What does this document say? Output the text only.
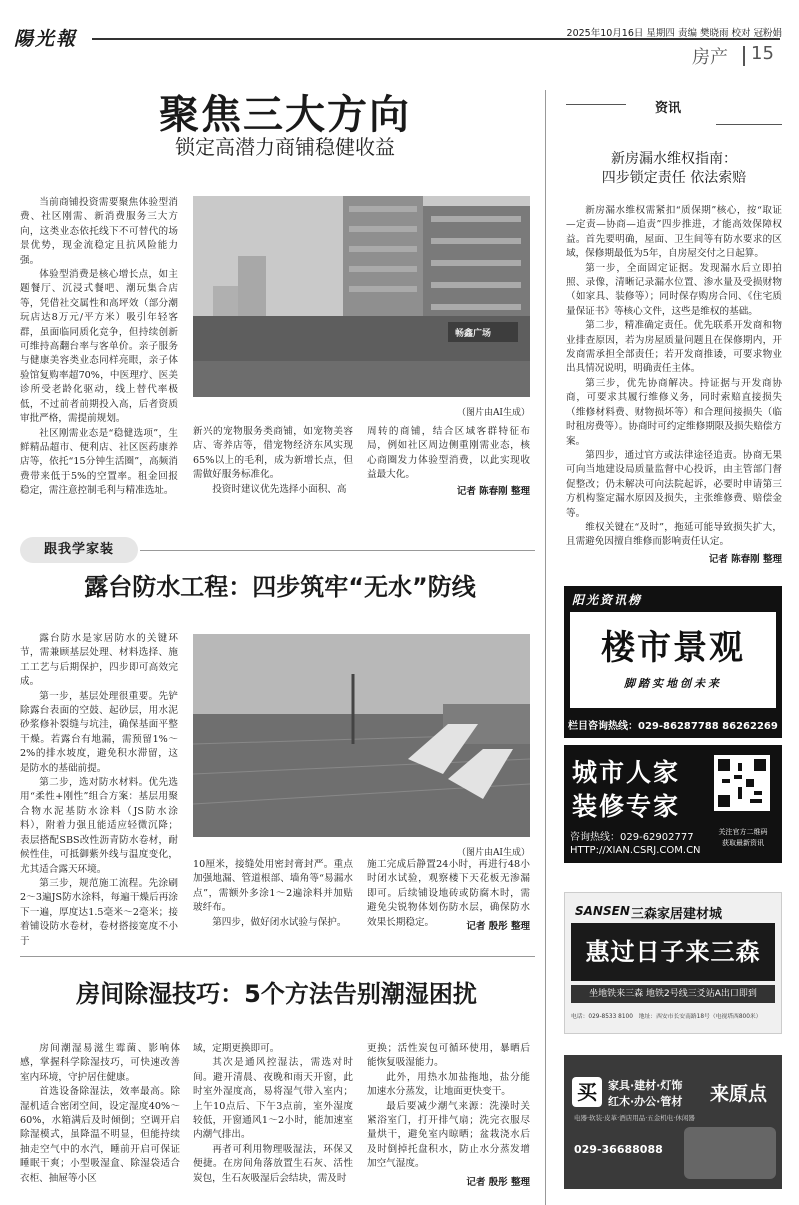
陽光報	2025年10月16日 星期四 责编 樊晓雨 校对 冠粉娟
房产 15
聚焦三大方向
锁定高潜力商铺稳健收益

当前商铺投资需要聚焦体验型消费、社区刚需、新消费服务三大方向，这类业态依托线下不可替代的场景优势，现金流稳定且抗风险能力强。

体验型消费是核心增长点，如主题餐厅、沉浸式餐吧、潮玩集合店等，凭借社交属性和高坪效（部分潮玩店达8万元/平方米）吸引年轻客群，虽面临同质化竞争，但持续创新可维持高翻台率与客单价。亲子服务与健康美容类业态同样亮眼，亲子体验馆复购率超70%，中医理疗、医美诊所受老龄化驱动，线上替代率极低，不过前者前期投入高，后者资质审批严格，需提前规划。

社区刚需业态是“稳健选项”，生鲜精品超市、便利店、社区医药康养店等，依托“15分钟生活圈”，高频消费带来低于5%的空置率。租金回报稳定，需注意控制毛利与精准选址。

畅鑫广场
（图片由AI生成）

新兴的宠物服务类商铺，如宠物美容店、寄养店等，借宠物经济东风实现65%以上的毛利，成为新增长点，但需做好服务标准化。

投资时建议优先选择小面积、高

周转的商铺，结合区域客群特征布局，例如社区周边侧重刚需业态，核心商圈发力体验型消费，以此实现收益最大化。

记者 陈春刚 整理
资讯
新房漏水维权指南：
四步锁定责任 依法索赔

新房漏水维权需紧扣“质保期”核心，按“取证—定责—协商—追责”四步推进，才能高效保障权益。首先要明确，屋面、卫生间等有防水要求的区域，保修期最低为5年，自房屋交付之日起算。

第一步，全面固定证据。发现漏水后立即拍照、录像，清晰记录漏水位置、渗水量及受损财物（如家具、装修等）；同时保存购房合同、《住宅质量保证书》等核心文件，这些是维权的基础。

第二步，精准确定责任。优先联系开发商和物业排查原因，若为房屋质量问题且在保修期内，开发商需承担全部责任；若开发商推诿，可要求物业出具情况说明，明确责任主体。

第三步，优先协商解决。持证据与开发商协商，可要求其履行维修义务，同时索赔直接损失（维修材料费、财物损坏等）和合理间接损失（临时租房费等）。协商时可约定维修期限及损失赔偿方案。

第四步，通过官方或法律途径追责。协商无果可向当地建设局质量监督中心投诉，由主管部门督促整改；仍未解决可向法院起诉，必要时申请第三方机构鉴定漏水原因及损失，主张维修费、赔偿金等。

维权关键在“及时”，拖延可能导致损失扩大，且需避免因擅自维修而影响责任认定。

记者 陈春刚 整理
跟我学家装
露台防水工程：四步筑牢“无水”防线

露台防水是家居防水的关键环节，需兼顾基层处理、材料选择、施工工艺与后期保护，四步即可高效完成。

第一步，基层处理很重要。先铲除露台表面的空鼓、起砂层，用水泥砂浆修补裂缝与坑洼，确保基面平整干燥。若露台有地漏，需预留1%～2%的排水坡度，避免积水滞留，这是防水的基础前提。

第二步，选对防水材料。优先选用“柔性+刚性”组合方案：基层用聚合物水泥基防水涂料（JS防水涂料），附着力强且能适应轻微沉降；表层搭配SBS改性沥青防水卷材，耐候性佳，可抵御紫外线与温度变化，尤其适合露天环境。

第三步，规范施工流程。先涂刷2～3遍JS防水涂料，每遍干燥后再涂下一遍，厚度达1.5毫米～2毫米；接着铺设防水卷材，卷材搭接宽度不小于

（图片由AI生成）

10厘米，接缝处用密封膏封严。重点加强地漏、管道根部、墙角等“易漏水点”，需额外多涂1～2遍涂料并加贴玻纤布。

第四步，做好闭水试验与保护。

施工完成后静置24小时，再进行48小时闭水试验，观察楼下天花板无渗漏即可。后续铺设地砖或防腐木时，需避免尖锐物体划伤防水层，确保防水效果长期稳定。	记者 殷彤 整理
房间除湿技巧：5个方法告别潮湿困扰

房间潮湿易滋生霉菌、影响体感，掌握科学除湿技巧，可快速改善室内环境，守护居住健康。

首选设备除湿法，效率最高。除湿机适合密闭空间，设定湿度40%～60%，水箱满后及时倾倒；空调开启除湿模式，虽降温不明显，但能持续抽走空气中的水汽，睡前开启可保证睡眠干爽；小型吸湿盒、除湿袋适合衣柜、抽屉等小区

域，定期更换即可。

其次是通风控湿法，需选对时间。避开清晨、夜晚和雨天开窗，此时室外湿度高，易将湿气带入室内；上午10点后、下午3点前，室外湿度较低，开窗通风1～2小时，能加速室内潮气排出。

再者可利用物理吸湿法，环保又便捷。在房间角落放置生石灰、活性炭包，生石灰吸湿后会结块，需及时

更换；活性炭包可循环使用，暴晒后能恢复吸湿能力。

此外，用热水加盐拖地，盐分能加速水分蒸发，让地面更快变干。

最后要减少潮气来源：洗澡时关紧浴室门，打开排气扇；洗完衣服尽量烘干，避免室内晾晒；盆栽浇水后及时倒掉托盘积水，防止水分蒸发增加空气湿度。

记者 殷彤 整理
阳光资讯榜
楼市景观
脚踏实地创未来
栏目咨询热线：029-86287788 86262269
城市人家
装修专家
咨询热线：029-62902777
HTTP://XIAN.CSRJ.COM.CN
关注官方二维码
获取最新资讯
SANSEN 三森家居建材城
惠过日子来三森
坐地铁来三森 地铁2号线三爻站A出口即到
电话：029-8533 8100　地址：西安市长安南路18号（电视塔西800米）
买	家具·建材·灯饰
红木·办公·管材 来原点
电器·软装·皮革·酒店用品·五金机电·休闲器
029-36688088
